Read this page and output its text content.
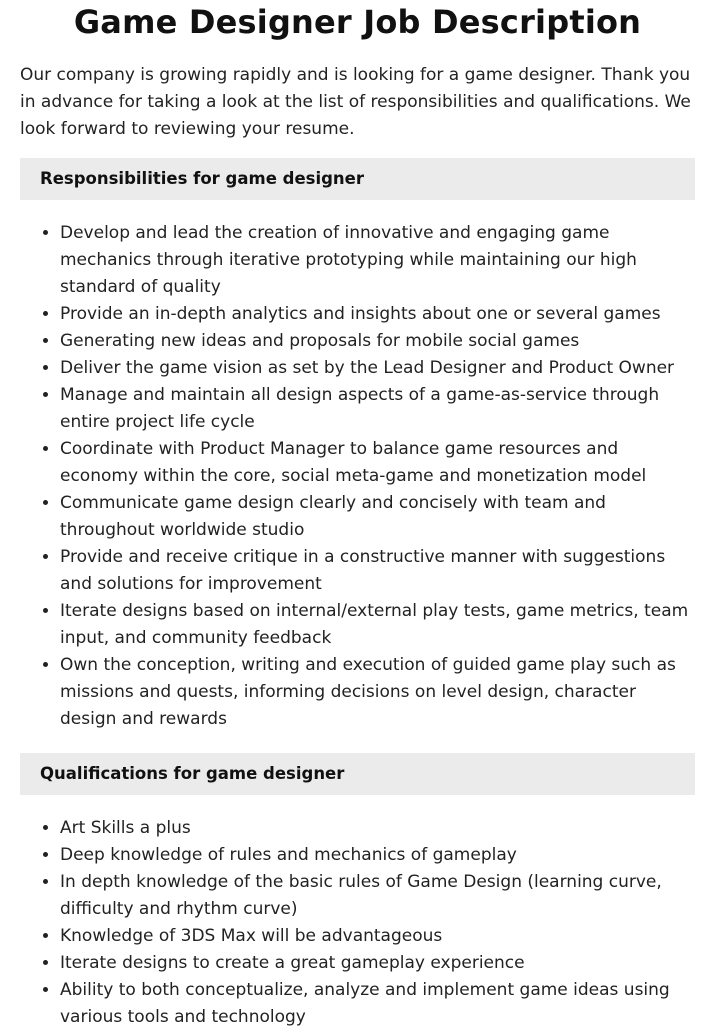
Game Designer Job Description

Our company is growing rapidly and is looking for a game designer. Thank you in advance for taking a look at the list of responsibilities and qualifications. We look forward to reviewing your resume.

Responsibilities for game designer
• Develop and lead the creation of innovative and engaging game mechanics through iterative prototyping while maintaining our high standard of quality
• Provide an in-depth analytics and insights about one or several games
• Generating new ideas and proposals for mobile social games
• Deliver the game vision as set by the Lead Designer and Product Owner
• Manage and maintain all design aspects of a game-as-service through entire project life cycle
• Coordinate with Product Manager to balance game resources and economy within the core, social meta-game and monetization model
• Communicate game design clearly and concisely with team and throughout worldwide studio
• Provide and receive critique in a constructive manner with suggestions and solutions for improvement
• Iterate designs based on internal/external play tests, game metrics, team input, and community feedback
• Own the conception, writing and execution of guided game play such as missions and quests, informing decisions on level design, character design and rewards
Qualifications for game designer
• Art Skills a plus
• Deep knowledge of rules and mechanics of gameplay
• In depth knowledge of the basic rules of Game Design (learning curve, difficulty and rhythm curve)
• Knowledge of 3DS Max will be advantageous
• Iterate designs to create a great gameplay experience
• Ability to both conceptualize, analyze and implement game ideas using various tools and technology
